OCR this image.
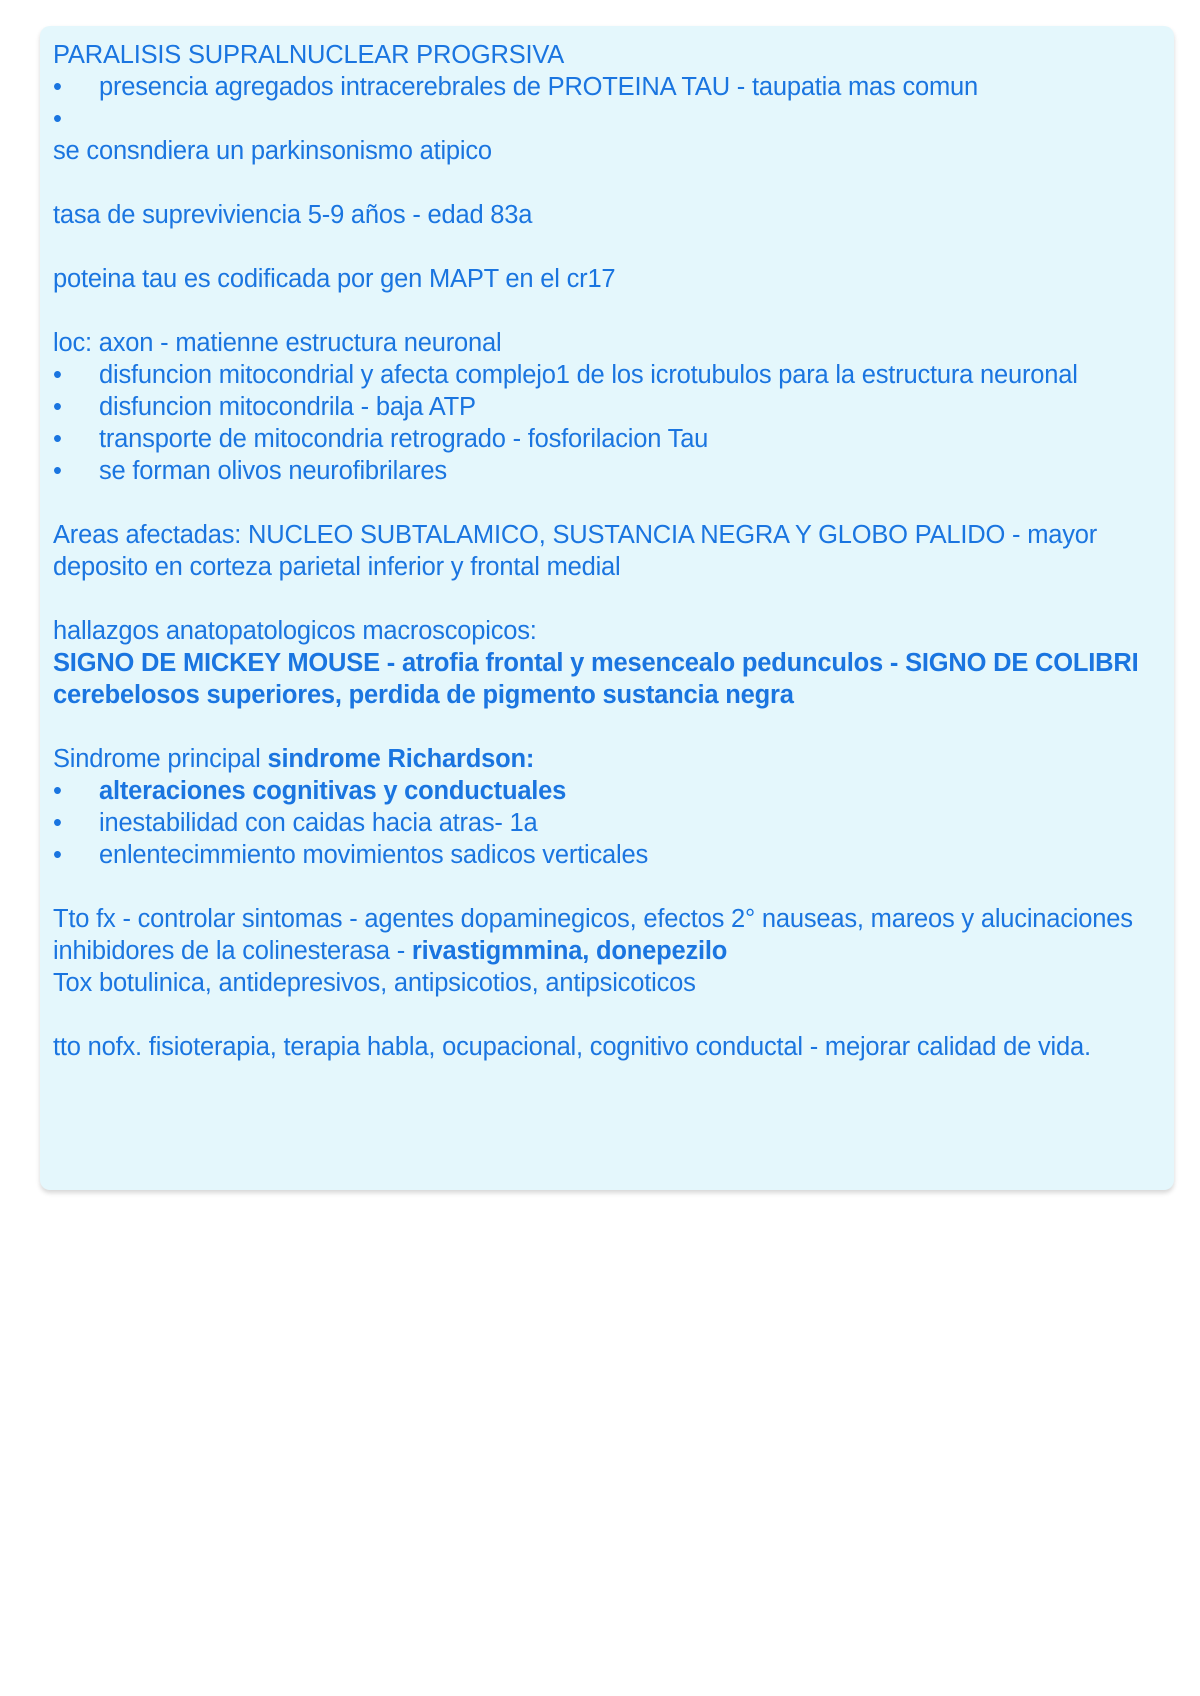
PARALISIS SUPRALNUCLEAR PROGRSIVA
•	presencia agregados intracerebrales de PROTEINA TAU - taupatia mas comun
•
se consndiera un parkinsonismo atipico
tasa de supreviviencia 5-9 años - edad 83a
poteina tau es codificada por gen MAPT en el cr17
loc: axon - matienne estructura neuronal
•	disfuncion mitocondrial y afecta complejo1 de los icrotubulos para la estructura neuronal
•	disfuncion mitocondrila - baja ATP
•	transporte de mitocondria retrogrado - fosforilacion Tau
•	se forman olivos neurofibrilares
Areas afectadas: NUCLEO SUBTALAMICO, SUSTANCIA NEGRA Y GLOBO PALIDO - mayor deposito en corteza parietal inferior y frontal medial
hallazgos anatopatologicos macroscopicos:
SIGNO DE MICKEY MOUSE - atrofia frontal y mesencealo pedunculos - SIGNO DE COLIBRI cerebelosos superiores, perdida de pigmento sustancia negra
Sindrome principal sindrome Richardson:
•	alteraciones cognitivas y conductuales
•	inestabilidad con caidas hacia atras- 1a
•	enlentecimmiento movimientos sadicos verticales
Tto fx - controlar sintomas - agentes dopaminegicos, efectos 2° nauseas, mareos y alucinaciones
inhibidores de la colinesterasa - rivastigmmina, donepezilo
Tox botulinica, antidepresivos, antipsicotios, antipsicoticos
tto nofx. fisioterapia, terapia habla, ocupacional, cognitivo conductal - mejorar calidad de vida.
